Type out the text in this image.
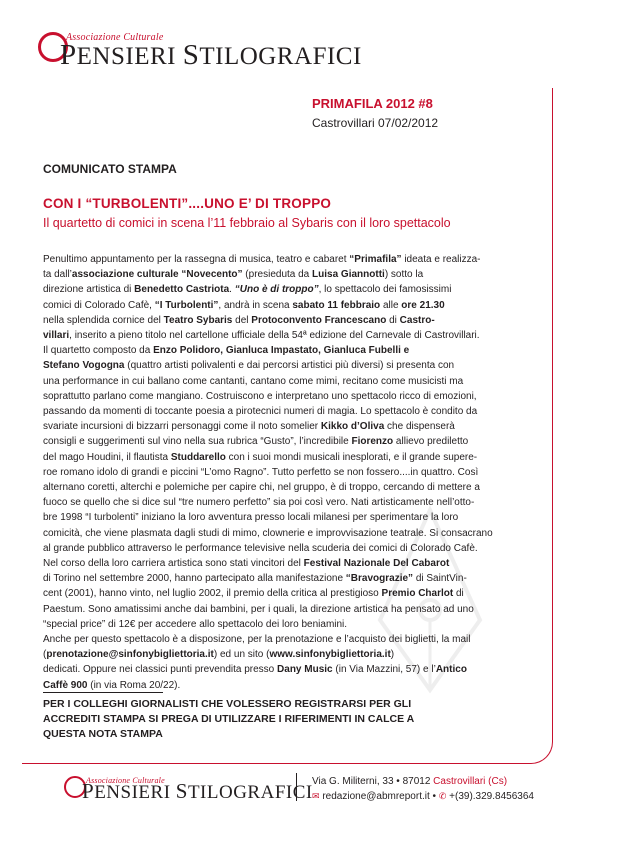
Associazione Culturale
PENSIERI STILOGRAFICI
PRIMAFILA 2012 #8
Castrovillari 07/02/2012
COMUNICATO STAMPA
CON I “TURBOLENTI”....UNO E’ DI TROPPO
Il quartetto di comici in scena l’11 febbraio al Sybaris con il loro spettacolo
Penultimo appuntamento per la rassegna di musica, teatro e cabaret “Primafila” ideata e realizza-
ta dall’associazione culturale “Novecento” (presieduta da Luisa Giannotti) sotto la
direzione artistica di Benedetto Castriota. “Uno è di troppo”, lo spettacolo dei famosissimi
comici di Colorado Cafè, “I Turbolenti”, andrà in scena sabato 11 febbraio alle ore 21.30
nella splendida cornice del Teatro Sybaris del Protoconvento Francescano di Castro-
villari, inserito a pieno titolo nel cartellone ufficiale della 54ª edizione del Carnevale di Castrovillari.
Il quartetto composto da Enzo Polidoro, Gianluca Impastato, Gianluca Fubelli e
Stefano Vogogna (quattro artisti polivalenti e dai percorsi artistici più diversi) si presenta con
una performance in cui ballano come cantanti, cantano come mimi, recitano come musicisti ma
soprattutto parlano come mangiano. Costruiscono e interpretano uno spettacolo ricco di emozioni,
passando da momenti di toccante poesia a pirotecnici numeri di magia. Lo spettacolo è condito da
svariate incursioni di bizzarri personaggi come il noto somelier Kikko d’Oliva che dispenserà
consigli e suggerimenti sul vino nella sua rubrica “Gusto”, l’incredibile Fiorenzo allievo prediletto
del mago Houdini, il flautista Studdarello con i suoi mondi musicali inesplorati, e il grande supere-
roe romano idolo di grandi e piccini “L’omo Ragno”. Tutto perfetto se non fossero....in quattro. Così
alternano coretti, alterchi e polemiche per capire chi, nel gruppo, è di troppo, cercando di mettere a
fuoco se quello che si dice sul “tre numero perfetto” sia poi così vero. Nati artisticamente nell’otto-
bre 1998 “I turbolenti” iniziano la loro avventura presso locali milanesi per sperimentare la loro
comicità, che viene plasmata dagli studi di mimo, clownerie e improvvisazione teatrale. Si consacrano
al grande pubblico attraverso le performance televisive nella scuderia dei comici di Colorado Cafè.
Nel corso della loro carriera artistica sono stati vincitori del Festival Nazionale Del Cabarot
di Torino nel settembre 2000, hanno partecipato alla manifestazione “Bravograzie” di SaintVin-
cent (2001), hanno vinto, nel luglio 2002, il premio della critica al prestigioso Premio Charlot di
Paestum. Sono amatissimi anche dai bambini, per i quali, la direzione artistica ha pensato ad uno
“special price” di 12€ per accedere allo spettacolo dei loro beniamini.
Anche per questo spettacolo è a disposizone, per la prenotazione e l’acquisto dei biglietti, la mail
(prenotazione@sinfonybigliettoria.it) ed un sito (www.sinfonybigliettoria.it)
dedicati. Oppure nei classici punti prevendita presso Dany Music (in Via Mazzini, 57) e l’Antico
Caffè 900 (in via Roma 20/22).
PER I COLLEGHI GIORNALISTI CHE VOLESSERO REGISTRARSI PER GLI
ACCREDITI STAMPA SI PREGA DI UTILIZZARE I RIFERIMENTI IN CALCE A
QUESTA NOTA STAMPA
Associazione Culturale
PENSIERI STILOGRAFICI
Via G. Militerni, 33 • 87012 Castrovillari (Cs)
✉ redazione@abmreport.it • ✆ +(39).329.8456364
